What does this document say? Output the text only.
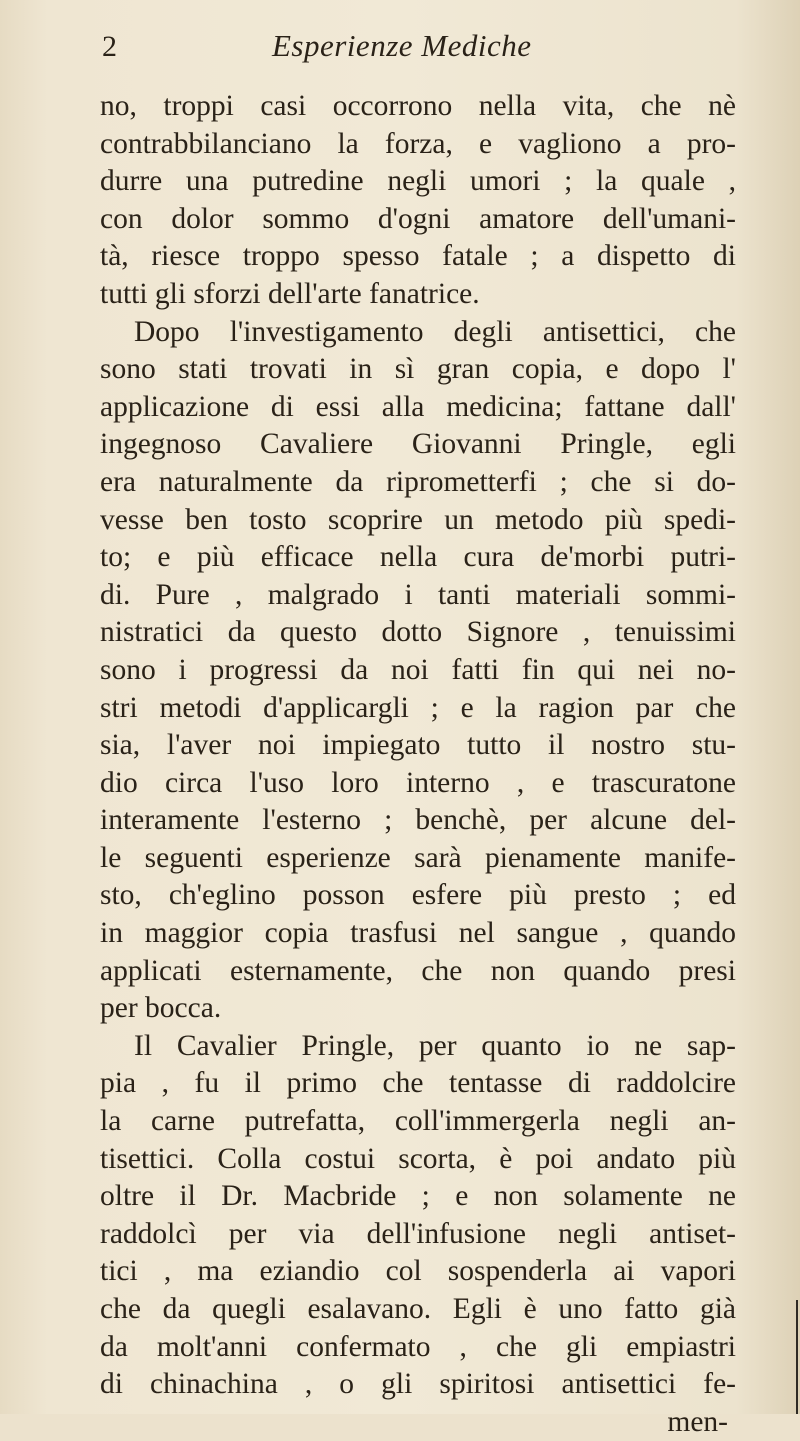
2	Esperienze Mediche
no, troppi casi occorrono nella vita, che nè
contrabbilanciano la forza, e vagliono a pro-
durre una putredine negli umori ; la quale ,
con dolor sommo d'ogni amatore dell'umani-
tà, riesce troppo spesso fatale ; a dispetto di
tutti gli sforzi dell'arte fanatrice.
Dopo l'investigamento degli antisettici, che
sono stati trovati in sì gran copia, e dopo l'
applicazione di essi alla medicina; fattane dall'
ingegnoso Cavaliere Giovanni Pringle, egli
era naturalmente da riprometterfi ; che si do-
vesse ben tosto scoprire un metodo più spedi-
to; e più efficace nella cura de'morbi putri-
di. Pure , malgrado i tanti materiali sommi-
nistratici da questo dotto Signore , tenuissimi
sono i progressi da noi fatti fin qui nei no-
stri metodi d'applicargli ; e la ragion par che
sia, l'aver noi impiegato tutto il nostro stu-
dio circa l'uso loro interno , e trascuratone
interamente l'esterno ; benchè, per alcune del-
le seguenti esperienze sarà pienamente manife-
sto, ch'eglino posson esfere più presto ; ed
in maggior copia trasfusi nel sangue , quando
applicati esternamente, che non quando presi
per bocca.
Il Cavalier Pringle, per quanto io ne sap-
pia , fu il primo che tentasse di raddolcire
la carne putrefatta, coll'immergerla negli an-
tisettici. Colla costui scorta, è poi andato più
oltre il Dr. Macbride ; e non solamente ne
raddolcì per via dell'infusione negli antiset-
tici , ma eziandio col sospenderla ai vapori
che da quegli esalavano. Egli è uno fatto già
da molt'anni confermato , che gli empiastri
di chinachina , o gli spiritosi antisettici fe-
men-
